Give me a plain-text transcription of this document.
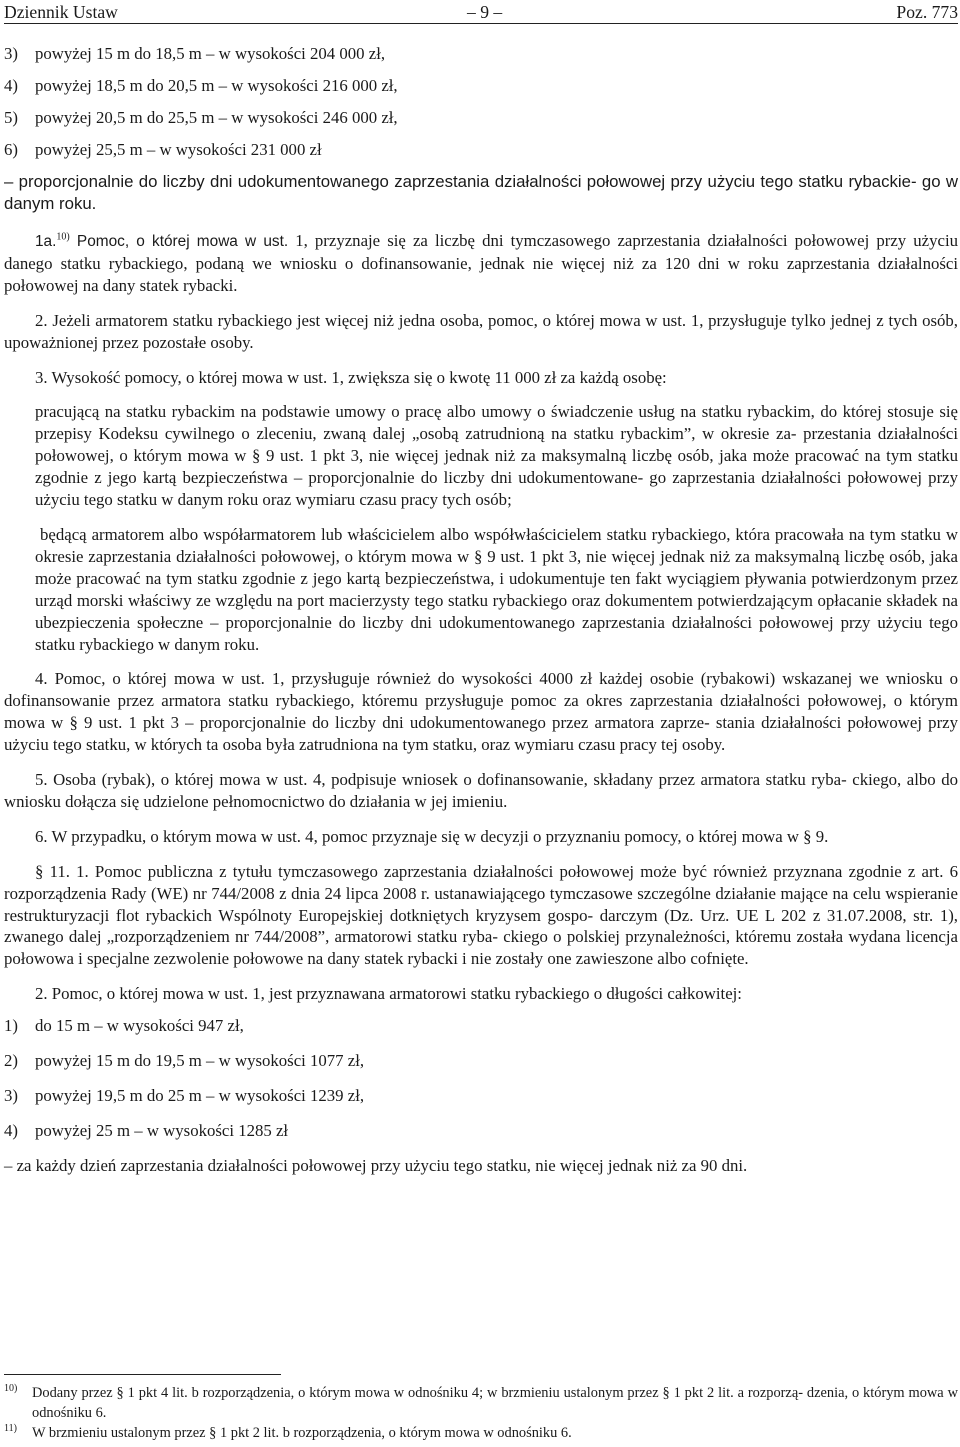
Dziennik Ustaw	– 9 –	Poz. 773
3) powyżej 15 m do 18,5 m – w wysokości 204 000 zł,
4) powyżej 18,5 m do 20,5 m – w wysokości 216 000 zł,
5) powyżej 20,5 m do 25,5 m – w wysokości 246 000 zł,
6) powyżej 25,5 m – w wysokości 231 000 zł

– proporcjonalnie do liczby dni udokumentowanego zaprzestania działalności połowowej przy użyciu tego statku rybackie- go w danym roku.

1a.$^{10)}$ Pomoc, o której mowa w ust. 1, przyznaje się za liczbę dni tymczasowego zaprzestania działalności połowowej przy użyciu danego statku rybackiego, podaną we wniosku o dofinansowanie, jednak nie więcej niż za 120 dni w roku zaprzestania działalności połowowej na dany statek rybacki.

2. Jeżeli armatorem statku rybackiego jest więcej niż jedna osoba, pomoc, o której mowa w ust. 1, przysługuje tylko jednej z tych osób, upoważnionej przez pozostałe osoby.

3. Wysokość pomocy, o której mowa w ust. 1, zwiększa się o kwotę 11 000 zł za każdą osobę:

pracującą na statku rybackim na podstawie umowy o pracę albo umowy o świadczenie usług na statku rybackim, do której stosuje się przepisy Kodeksu cywilnego o zleceniu, zwaną dalej „osobą zatrudnioną na statku rybackim”, w okresie za- przestania działalności połowowej, o którym mowa w § 9 ust. 1 pkt 3, nie więcej jednak niż za maksymalną liczbę osób, jaka może pracować na tym statku zgodnie z jego kartą bezpieczeństwa – proporcjonalnie do liczby dni udokumentowane- go zaprzestania działalności połowowej przy użyciu tego statku w danym roku oraz wymiaru czasu pracy tych osób;

będącą armatorem albo współarmatorem lub właścicielem albo współwłaścicielem statku rybackiego, która pracowała na tym statku w okresie zaprzestania działalności połowowej, o którym mowa w § 9 ust. 1 pkt 3, nie więcej jednak niż za maksymalną liczbę osób, jaka może pracować na tym statku zgodnie z jego kartą bezpieczeństwa, i udokumentuje ten fakt wyciągiem pływania potwierdzonym przez urząd morski właściwy ze względu na port macierzysty tego statku rybackiego oraz dokumentem potwierdzającym opłacanie składek na ubezpieczenia społeczne – proporcjonalnie do liczby dni udokumentowanego zaprzestania działalności połowowej przy użyciu tego statku rybackiego w danym roku.

4. Pomoc, o której mowa w ust. 1, przysługuje również do wysokości 4000 zł każdej osobie (rybakowi) wskazanej we wniosku o dofinansowanie przez armatora statku rybackiego, któremu przysługuje pomoc za okres zaprzestania działalności połowowej, o którym mowa w § 9 ust. 1 pkt 3 – proporcjonalnie do liczby dni udokumentowanego przez armatora zaprze- stania działalności połowowej przy użyciu tego statku, w których ta osoba była zatrudniona na tym statku, oraz wymiaru czasu pracy tej osoby.

5. Osoba (rybak), o której mowa w ust. 4, podpisuje wniosek o dofinansowanie, składany przez armatora statku ryba- ckiego, albo do wniosku dołącza się udzielone pełnomocnictwo do działania w jej imieniu.

6. W przypadku, o którym mowa w ust. 4, pomoc przyznaje się w decyzji o przyznaniu pomocy, o której mowa w § 9.

§ 11. 1. Pomoc publiczna z tytułu tymczasowego zaprzestania działalności połowowej może być również przyznana zgodnie z art. 6 rozporządzenia Rady (WE) nr 744/2008 z dnia 24 lipca 2008 r. ustanawiającego tymczasowe szczególne działanie mające na celu wspieranie restrukturyzacji flot rybackich Wspólnoty Europejskiej dotkniętych kryzysem gospo- darczym (Dz. Urz. UE L 202 z 31.07.2008, str. 1), zwanego dalej „rozporządzeniem nr 744/2008”, armatorowi statku ryba- ckiego o polskiej przynależności, któremu została wydana licencja połowowa i specjalne zezwolenie połowowe na dany statek rybacki i nie zostały one zawieszone albo cofnięte.

2. Pomoc, o której mowa w ust. 1, jest przyznawana armatorowi statku rybackiego o długości całkowitej:

1) do 15 m – w wysokości 947 zł,
2) powyżej 15 m do 19,5 m – w wysokości 1077 zł,
3) powyżej 19,5 m do 25 m – w wysokości 1239 zł,
4) powyżej 25 m – w wysokości 1285 zł

– za każdy dzień zaprzestania działalności połowowej przy użyciu tego statku, nie więcej jednak niż za 90 dni.

$^{10)}$ Dodany przez § 1 pkt 4 lit. b rozporządzenia, o którym mowa w odnośniku 4; w brzmieniu ustalonym przez § 1 pkt 2 lit. a rozporzą- dzenia, o którym mowa w odnośniku 6.
$^{11)}$ W brzmieniu ustalonym przez § 1 pkt 2 lit. b rozporządzenia, o którym mowa w odnośniku 6.
